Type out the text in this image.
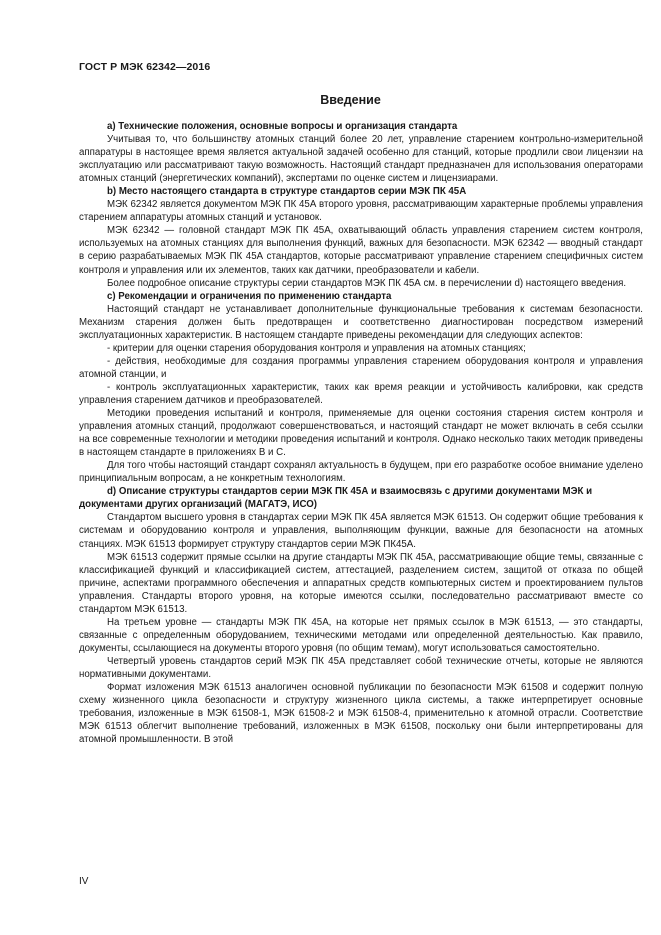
ГОСТ Р МЭК 62342—2016
Введение

а) Технические положения, основные вопросы и организация стандарта

Учитывая то, что большинству атомных станций более 20 лет, управление старением контрольно-измерительной аппаратуры в настоящее время является актуальной задачей особенно для станций, которые продлили свои лицензии на эксплуатацию или рассматривают такую возможность. Настоящий стандарт предназначен для использования операторами атомных станций (энергетических компаний), экспертами по оценке систем и лицензиарами.

b) Место настоящего стандарта в структуре стандартов серии МЭК ПК 45А

МЭК 62342 является документом МЭК ПК 45А второго уровня, рассматривающим характерные проблемы управления старением аппаратуры атомных станций и установок.

МЭК 62342 — головной стандарт МЭК ПК 45А, охватывающий область управления старением систем контроля, используемых на атомных станциях для выполнения функций, важных для безопасности. МЭК 62342 — вводный стандарт в серию разрабатываемых МЭК ПК 45А стандартов, которые рассматривают управление старением специфичных систем контроля и управления или их элементов, таких как датчики, преобразователи и кабели.

Более подробное описание структуры серии стандартов МЭК ПК 45А см. в перечислении d) настоящего введения.

с) Рекомендации и ограничения по применению стандарта

Настоящий стандарт не устанавливает дополнительные функциональные требования к системам безопасности. Механизм старения должен быть предотвращен и соответственно диагностирован посредством измерений эксплуатационных характеристик. В настоящем стандарте приведены рекомендации для следующих аспектов:

- критерии для оценки старения оборудования контроля и управления на атомных станциях;

- действия, необходимые для создания программы управления старением оборудования контроля и управления атомной станции, и

- контроль эксплуатационных характеристик, таких как время реакции и устойчивость калибровки, как средств управления старением датчиков и преобразователей.

Методики проведения испытаний и контроля, применяемые для оценки состояния старения систем контроля и управления атомных станций, продолжают совершенствоваться, и настоящий стандарт не может включать в себя ссылки на все современные технологии и методики проведения испытаний и контроля. Однако несколько таких методик приведены в настоящем стандарте в приложениях В и С.

Для того чтобы настоящий стандарт сохранял актуальность в будущем, при его разработке особое внимание уделено принципиальным вопросам, а не конкретным технологиям.

d) Описание структуры стандартов серии МЭК ПК 45А и взаимосвязь с другими документами МЭК и документами других организаций (МАГАТЭ, ИСО)

Стандартом высшего уровня в стандартах серии МЭК ПК 45А является МЭК 61513. Он содержит общие требования к системам и оборудованию контроля и управления, выполняющим функции, важные для безопасности на атомных станциях. МЭК 61513 формирует структуру стандартов серии МЭК ПК45А.

МЭК 61513 содержит прямые ссылки на другие стандарты МЭК ПК 45А, рассматривающие общие темы, связанные с классификацией функций и классификацией систем, аттестацией, разделением систем, защитой от отказа по общей причине, аспектами программного обеспечения и аппаратных средств компьютерных систем и проектированием пультов управления. Стандарты второго уровня, на которые имеются ссылки, последовательно рассматривают вместе со стандартом МЭК 61513.

На третьем уровне — стандарты МЭК ПК 45А, на которые нет прямых ссылок в МЭК 61513, — это стандарты, связанные с определенным оборудованием, техническими методами или определенной деятельностью. Как правило, документы, ссылающиеся на документы второго уровня (по общим темам), могут использоваться самостоятельно.

Четвертый уровень стандартов серий МЭК ПК 45А представляет собой технические отчеты, которые не являются нормативными документами.

Формат изложения МЭК 61513 аналогичен основной публикации по безопасности МЭК 61508 и содержит полную схему жизненного цикла безопасности и структуру жизненного цикла системы, а также интерпретирует основные требования, изложенные в МЭК 61508-1, МЭК 61508-2 и МЭК 61508-4, применительно к атомной отрасли. Соответствие МЭК 61513 облегчит выполнение требований, изложенных в МЭК 61508, поскольку они были интерпретированы для атомной промышленности. В этой

IV
